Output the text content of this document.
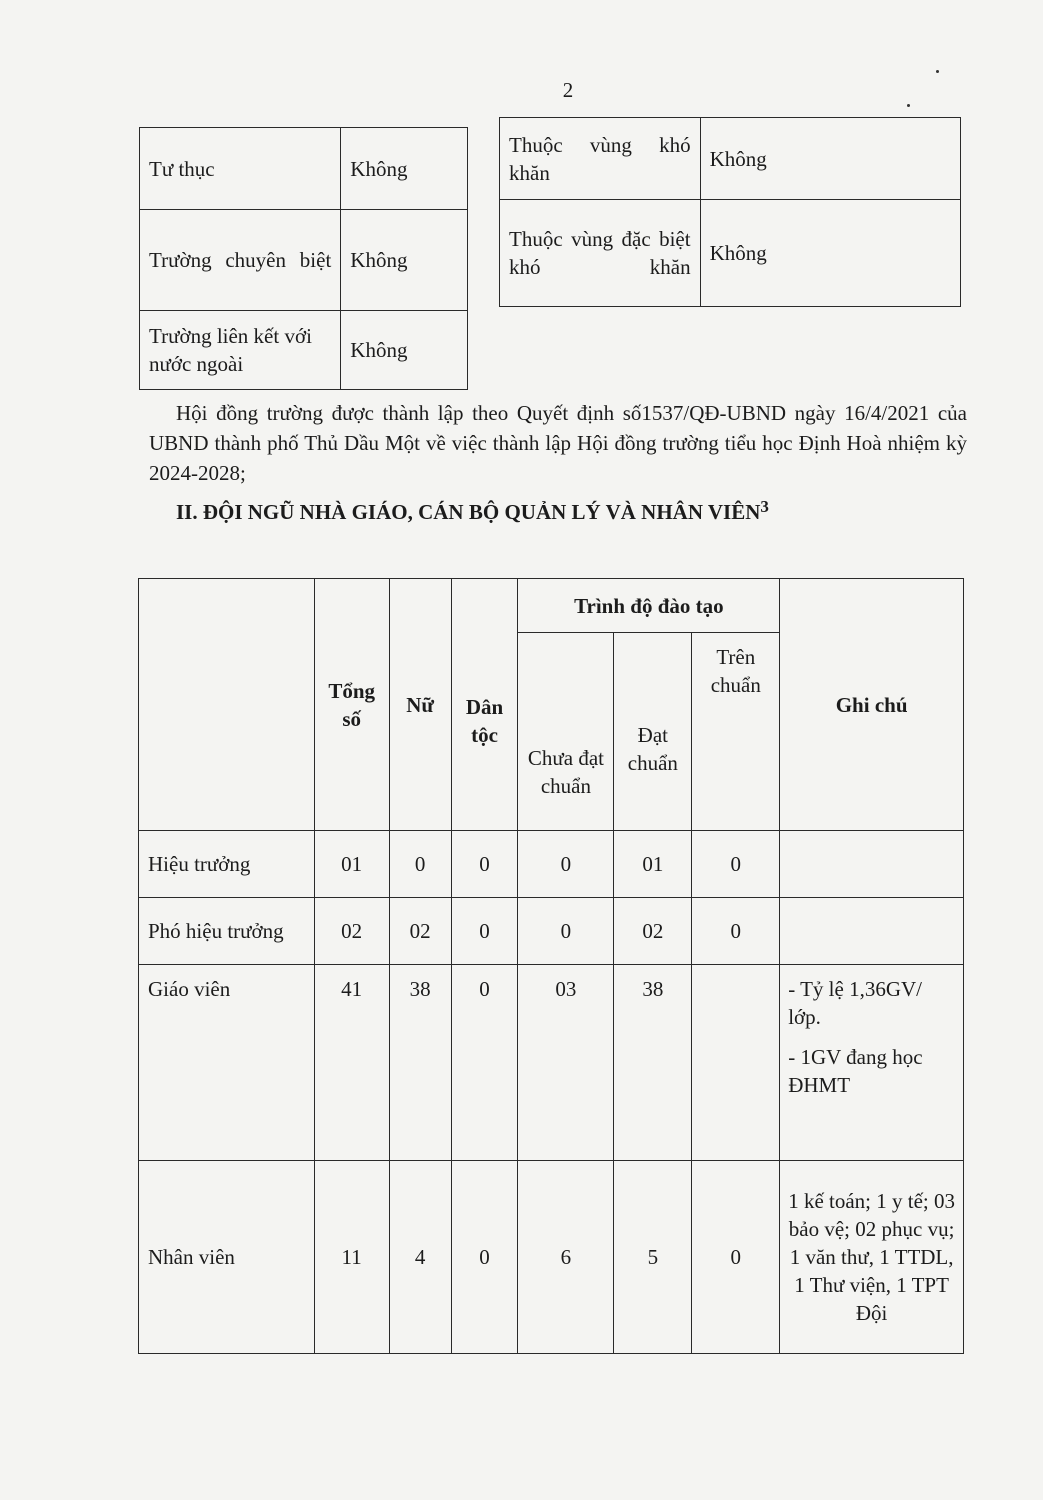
2
Tư thục	Không
Trường chuyên biệt	Không
Trường liên kết với nước ngoài	Không
Thuộc vùng khó khăn	Không
Thuộc vùng đặc biệt khó khăn	Không

Hội đồng trường được thành lập theo Quyết định số1537/QĐ-UBND ngày 16/4/2021 của UBND thành phố Thủ Dầu Một về việc thành lập Hội đồng trường tiểu học Định Hoà nhiệm kỳ 2024-2028;

II. ĐỘI NGŨ NHÀ GIÁO, CÁN BỘ QUẢN LÝ VÀ NHÂN VIÊN$^3$
	Tổng số	Nữ	Dân tộc	Trình độ đào tạo			Ghi chú
				Chưa đạt chuẩn	Đạt chuẩn	Trên chuẩn	
Hiệu trưởng	01	0	0	0	01	0	
Phó hiệu trưởng	02	02	0	0	02	0	
Giáo viên	41	38	0	03	38		- Tỷ lệ 1,36GV/ lớp.
- 1GV đang học ĐHMT

Nhân viên	11	4	0	6	5	0	1 kế toán; 1 y tế; 03 bảo vệ; 02 phục vụ; 1 văn thư, 1 TTDL, 1 Thư viện, 1 TPT Đội
